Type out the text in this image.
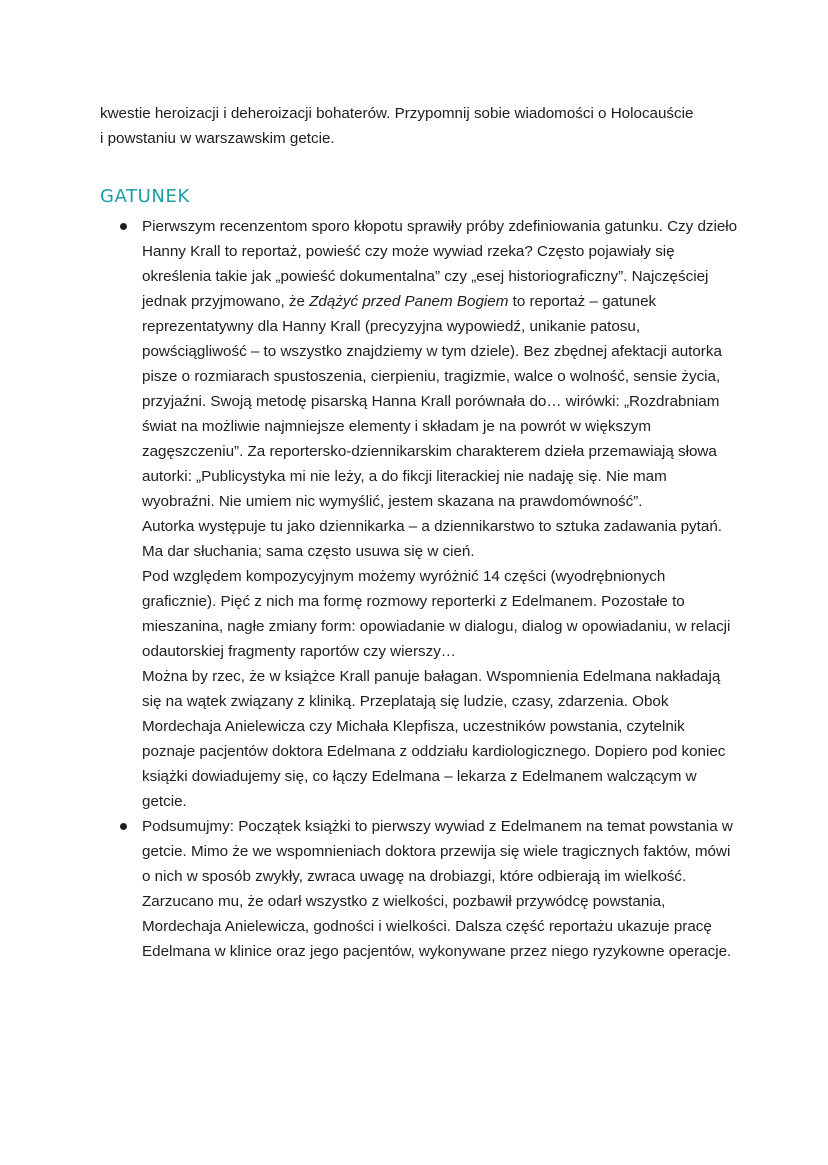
kwestie heroizacji i deheroizacji bohaterów. Przypomnij sobie wiadomości o Holocauście
i powstaniu w warszawskim getcie.

GATUNEK

Pierwszym recenzentom sporo kłopotu sprawiły próby zdefiniowania gatunku. Czy dzieło Hanny Krall to reportaż, powieść czy może wywiad rzeka? Często pojawiały się określenia takie jak „powieść dokumentalna” czy „esej historiograficzny”. Najczęściej jednak przyjmowano, że Zdążyć przed Panem Bogiem to reportaż – gatunek reprezentatywny dla Hanny Krall (precyzyjna wypowiedź, unikanie patosu, powściągliwość – to wszystko znajdziemy w tym dziele). Bez zbędnej afektacji autorka pisze o rozmiarach spustoszenia, cierpieniu, tragizmie, walce o wolność, sensie życia, przyjaźni. Swoją metodę pisarską Hanna Krall porównała do… wirówki: „Rozdrabniam świat na możliwie najmniejsze elementy i składam je na powrót w większym zagęszczeniu”. Za reportersko-dziennikarskim charakterem dzieła przemawiają słowa autorki: „Publicystyka mi nie leży, a do fikcji literackiej nie nadaję się. Nie mam wyobraźni. Nie umiem nic wymyślić, jestem skazana na prawdomówność”.

Autorka występuje tu jako dziennikarka – a dziennikarstwo to sztuka zadawania pytań. Ma dar słuchania; sama często usuwa się w cień.

Pod względem kompozycyjnym możemy wyróżnić 14 części (wyodrębnionych graficznie). Pięć z nich ma formę rozmowy reporterki z Edelmanem. Pozostałe to mieszanina, nagłe zmiany form: opowiadanie w dialogu, dialog w opowiadaniu, w relacji odautorskiej fragmenty raportów czy wierszy…

Można by rzec, że w książce Krall panuje bałagan. Wspomnienia Edelmana nakładają się na wątek związany z kliniką. Przeplatają się ludzie, czasy, zdarzenia. Obok Mordechaja Anielewicza czy Michała Klepfisza, uczestników powstania, czytelnik poznaje pacjentów doktora Edelmana z oddziału kardiologicznego. Dopiero pod koniec książki dowiadujemy się, co łączy Edelmana – lekarza z Edelmanem walczącym w getcie.

Podsumujmy: Początek książki to pierwszy wywiad z Edelmanem na temat powstania w getcie. Mimo że we wspomnieniach doktora przewija się wiele tragicznych faktów, mówi o nich w sposób zwykły, zwraca uwagę na drobiazgi, które odbierają im wielkość. Zarzucano mu, że odarł wszystko z wielkości, pozbawił przywódcę powstania, Mordechaja Anielewicza, godności i wielkości. Dalsza część reportażu ukazuje pracę Edelmana w klinice oraz jego pacjentów, wykonywane przez niego ryzykowne operacje.
